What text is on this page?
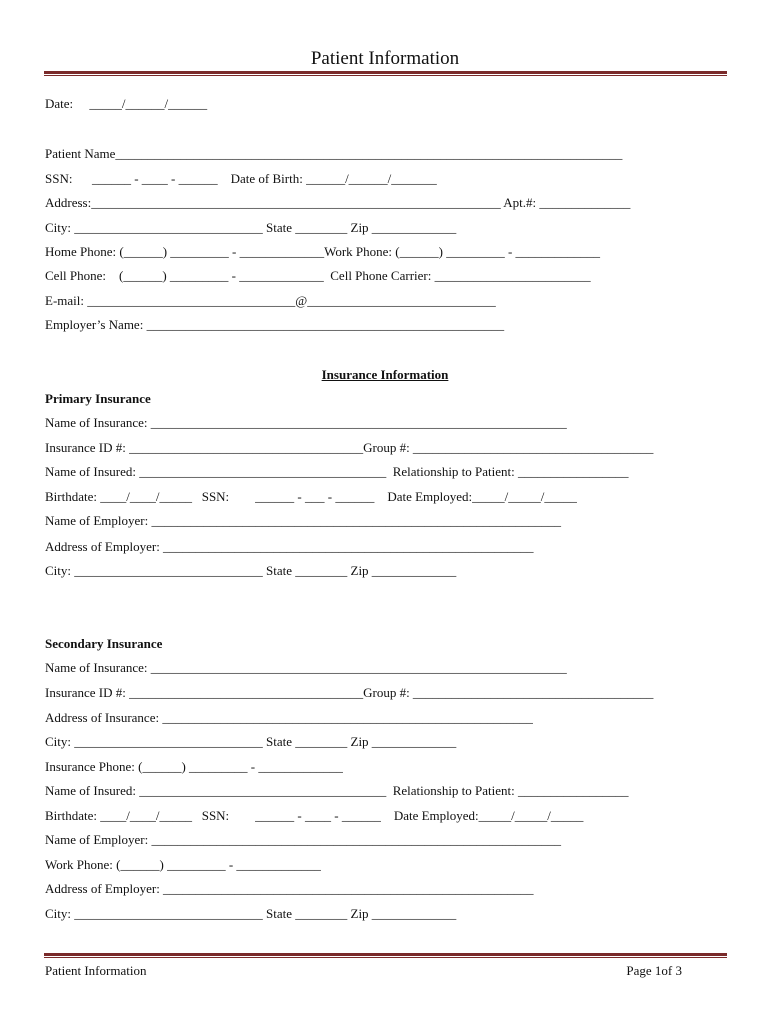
Patient Information
Date:     _____/______/______
Patient Name______________________________________________________________________________
SSN:      ______ - ____ - ______    Date of Birth: ______/______/_______
Address:_______________________________________________________________ Apt.#: ______________
City: _____________________________ State ________ Zip _____________
Home Phone: (______) _________ - _____________Work Phone: (______) _________ - _____________
Cell Phone:    (______) _________ - _____________  Cell Phone Carrier: ________________________
E-mail: ________________________________@_____________________________
Employer’s Name: _______________________________________________________
Insurance Information
Primary Insurance
Name of Insurance: ________________________________________________________________
Insurance ID #: ____________________________________Group #: _____________________________________
Name of Insured: ______________________________________  Relationship to Patient: _________________
Birthdate: ____/____/_____   SSN:        ______ - ___ - ______    Date Employed:_____/_____/_____
Name of Employer: _______________________________________________________________
Address of Employer: _________________________________________________________
City: _____________________________ State ________ Zip _____________
Secondary Insurance
Name of Insurance: ________________________________________________________________
Insurance ID #: ____________________________________Group #: _____________________________________
Address of Insurance: _________________________________________________________
City: _____________________________ State ________ Zip _____________
Insurance Phone: (______) _________ - _____________
Name of Insured: ______________________________________  Relationship to Patient: _________________
Birthdate: ____/____/_____   SSN:        ______ - ____ - ______    Date Employed:_____/_____/_____
Name of Employer: _______________________________________________________________
Work Phone: (______) _________ - _____________
Address of Employer: _________________________________________________________
City: _____________________________ State ________ Zip _____________
Patient Information	Page 1of 3
